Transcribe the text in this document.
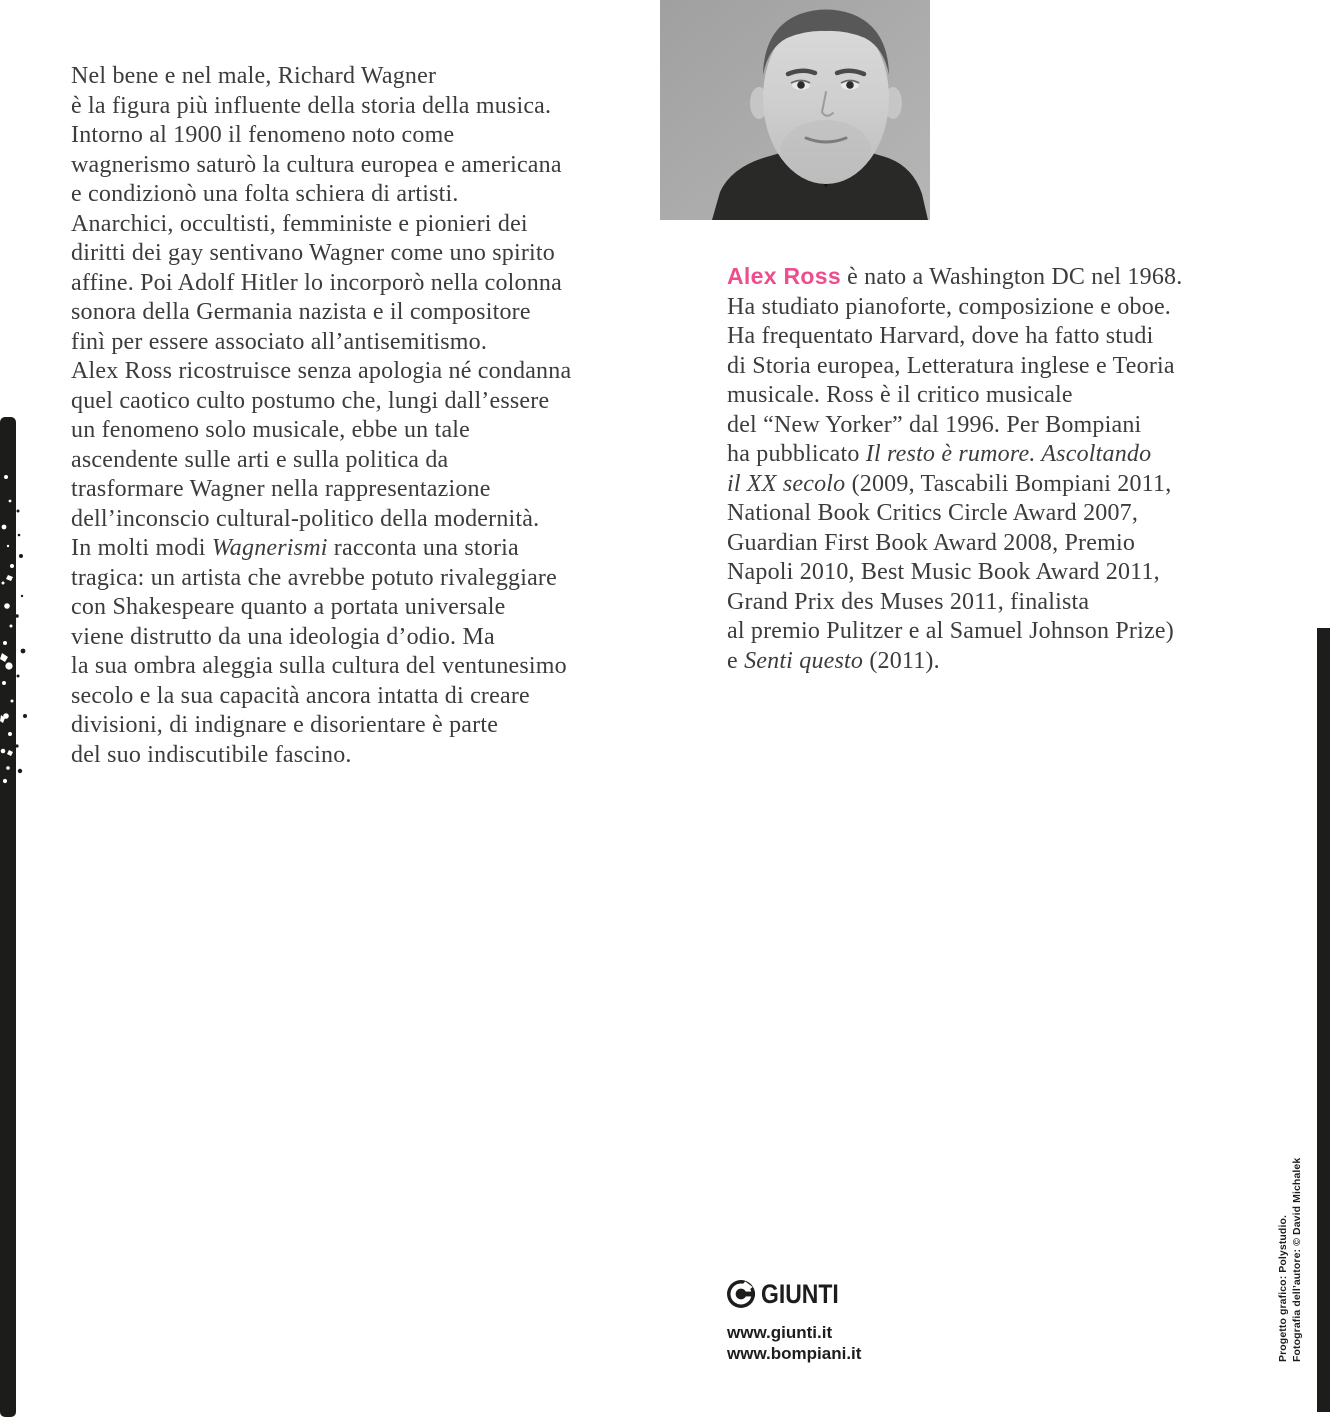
Nel bene e nel male, Richard Wagner
è la figura più influente della storia della musica.
Intorno al 1900 il fenomeno noto come
wagnerismo saturò la cultura europea e americana
e condizionò una folta schiera di artisti.
Anarchici, occultisti, femministe e pionieri dei
diritti dei gay sentivano Wagner come uno spirito
affine. Poi Adolf Hitler lo incorporò nella colonna
sonora della Germania nazista e il compositore
finì per essere associato all’antisemitismo.
Alex Ross ricostruisce senza apologia né condanna
quel caotico culto postumo che, lungi dall’essere
un fenomeno solo musicale, ebbe un tale
ascendente sulle arti e sulla politica da
trasformare Wagner nella rappresentazione
dell’inconscio cultural-politico della modernità.
In molti modi Wagnerismi racconta una storia
tragica: un artista che avrebbe potuto rivaleggiare
con Shakespeare quanto a portata universale
viene distrutto da una ideologia d’odio. Ma
la sua ombra aleggia sulla cultura del ventunesimo
secolo e la sua capacità ancora intatta di creare
divisioni, di indignare e disorientare è parte
del suo indiscutibile fascino.
Alex Ross è nato a Washington DC nel 1968.
Ha studiato pianoforte, composizione e oboe.
Ha frequentato Harvard, dove ha fatto studi
di Storia europea, Letteratura inglese e Teoria
musicale. Ross è il critico musicale
del “New Yorker” dal 1996. Per Bompiani
ha pubblicato Il resto è rumore. Ascoltando
il XX secolo (2009, Tascabili Bompiani 2011,
National Book Critics Circle Award 2007,
Guardian First Book Award 2008, Premio
Napoli 2010, Best Music Book Award 2011,
Grand Prix des Muses 2011, finalista
al premio Pulitzer e al Samuel Johnson Prize)
e Senti questo (2011).
GIUNTI
www.giunti.it
www.bompiani.it	Progetto grafico: Polystudio. Fotografia dell’autore: © David Michalek
